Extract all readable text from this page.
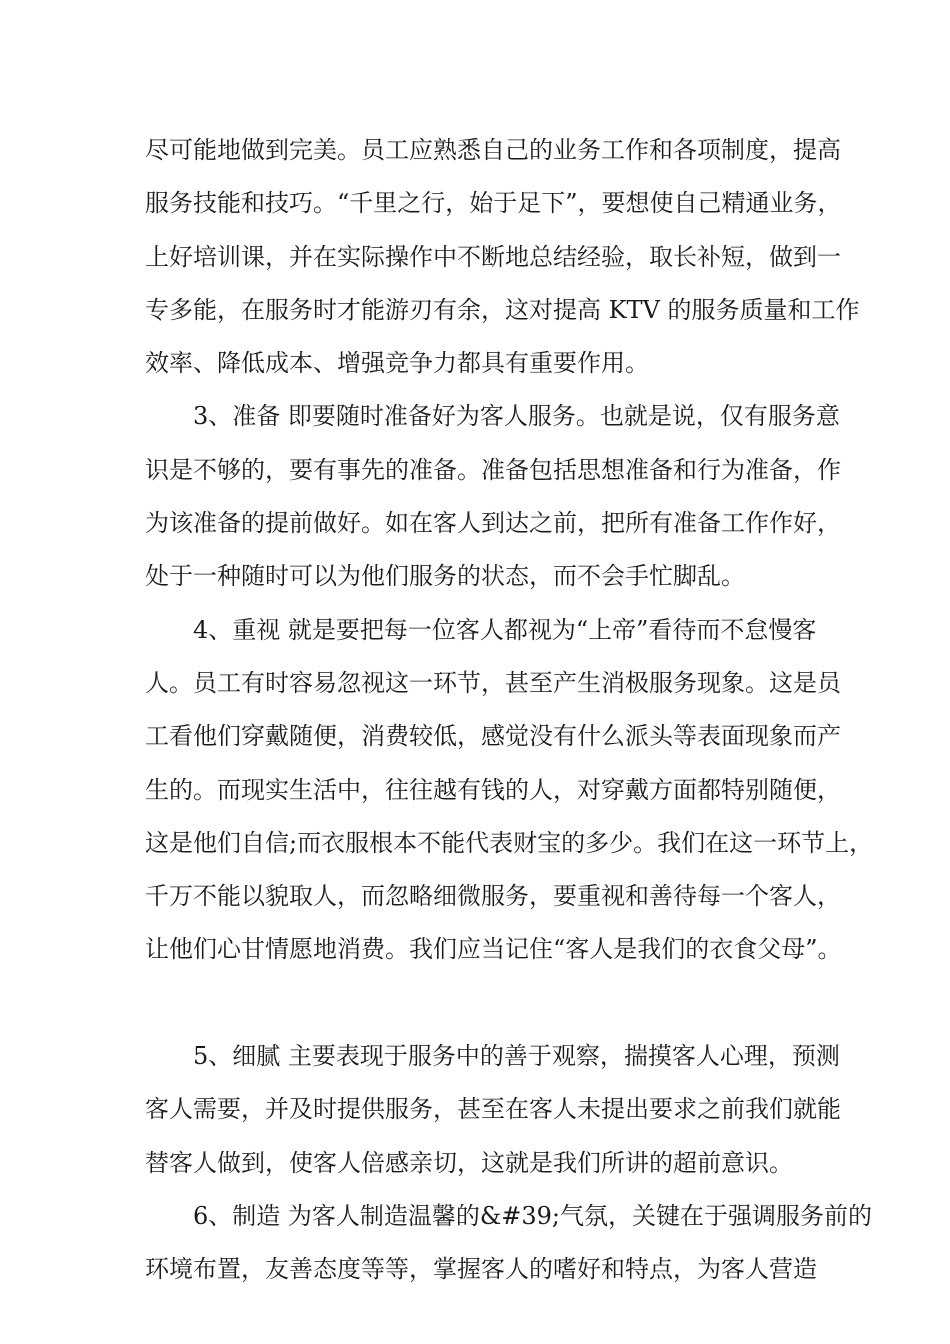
尽可能地做到完美。员工应熟悉自己的业务工作和各项制度，提高
服务技能和技巧。“千里之行，始于足下”，要想使自己精通业务，
上好培训课，并在实际操作中不断地总结经验，取长补短，做到一
专多能，在服务时才能游刃有余，这对提高 KTV 的服务质量和工作
效率、降低成本、增强竞争力都具有重要作用。
3、准备 即要随时准备好为客人服务。也就是说，仅有服务意
识是不够的，要有事先的准备。准备包括思想准备和行为准备，作
为该准备的提前做好。如在客人到达之前，把所有准备工作作好，
处于一种随时可以为他们服务的状态，而不会手忙脚乱。
4、重视 就是要把每一位客人都视为“上帝”看待而不怠慢客
人。员工有时容易忽视这一环节，甚至产生消极服务现象。这是员
工看他们穿戴随便，消费较低，感觉没有什么派头等表面现象而产
生的。而现实生活中，往往越有钱的人，对穿戴方面都特别随便，
这是他们自信;而衣服根本不能代表财宝的多少。我们在这一环节上，
千万不能以貌取人，而忽略细微服务，要重视和善待每一个客人，
让他们心甘情愿地消费。我们应当记住“客人是我们的衣食父母”。
5、细腻 主要表现于服务中的善于观察，揣摸客人心理，预测
客人需要，并及时提供服务，甚至在客人未提出要求之前我们就能
替客人做到，使客人倍感亲切，这就是我们所讲的超前意识。
6、制造 为客人制造温馨的&#39;气氛，关键在于强调服务前的
环境布置，友善态度等等，掌握客人的嗜好和特点，为客人营造
